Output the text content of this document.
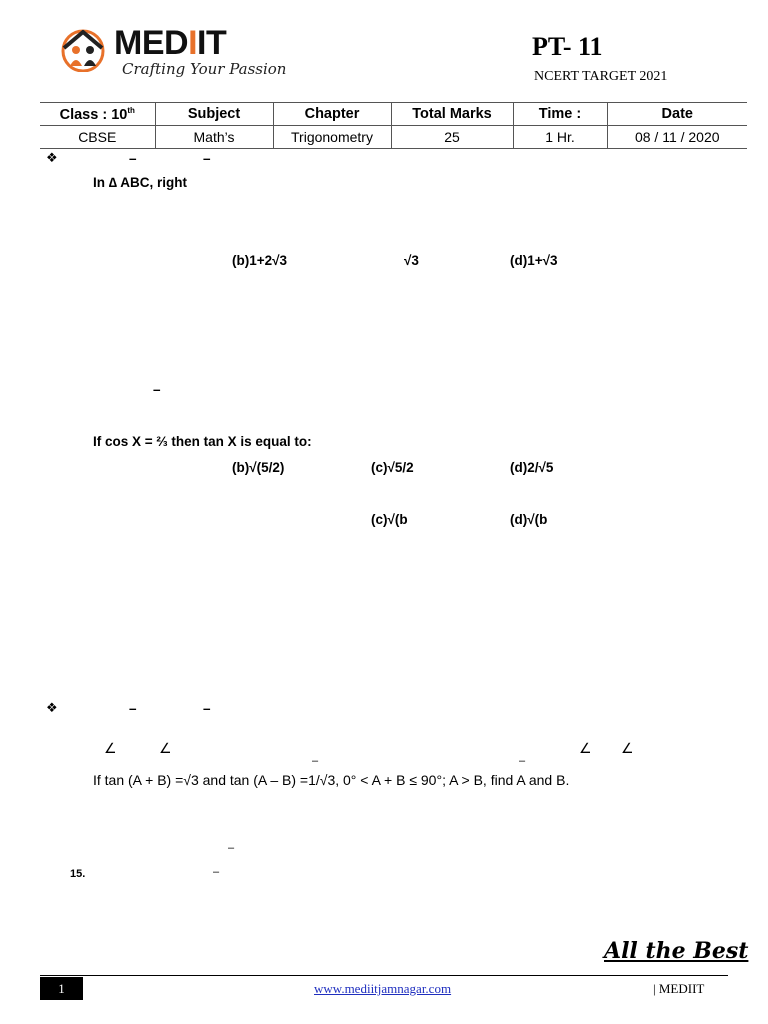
MEDIIT
Crafting Your Passion
PT- 11
NCERT TARGET 2021
Class : 10th	Subject	Chapter	Total Marks	Time :	Date
CBSE	Math’s	Trigonometry	25	1 Hr.	08 / 11 / 2020
❖	–	–
In ∆ ABC, right
(b)1+2√3	√3	(d)1+√3
–
If cos X = ⅔ then tan X is equal to:
(b)√(5/2)	(c)√5/2	(d)2/√5
(c)√(b	(d)√(b
❖	–	–
∠	∠
–	–
∠ ∠
If tan (A + B) =√3 and tan (A – B) =1/√3, 0° < A + B ≤ 90°; A > B, find A and B.
–
15.	–
All the Best
1	www.mediitjamnagar.com	| MEDIIT
